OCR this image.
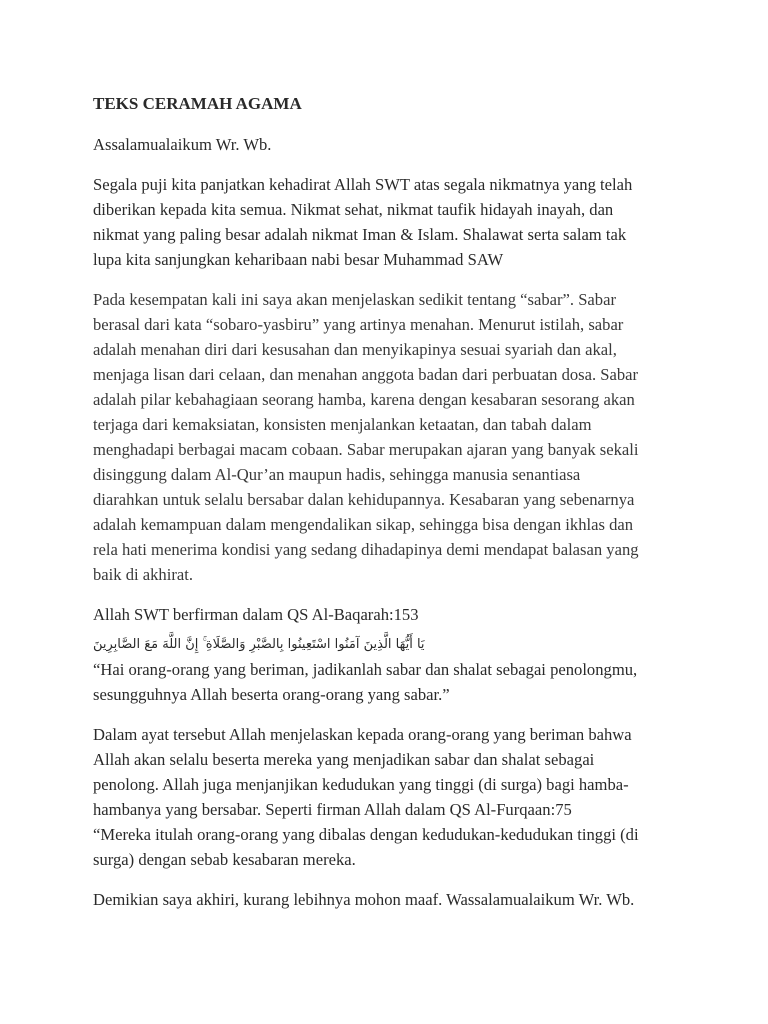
TEKS CERAMAH AGAMA

Assalamualaikum Wr. Wb.

Segala puji kita panjatkan kehadirat Allah SWT atas segala nikmatnya yang telah
diberikan kepada kita semua. Nikmat sehat, nikmat taufik hidayah inayah, dan
nikmat yang paling besar adalah nikmat Iman & Islam. Shalawat serta salam tak
lupa kita sanjungkan keharibaan nabi besar Muhammad SAW

Pada kesempatan kali ini saya akan menjelaskan sedikit tentang “sabar”. Sabar
berasal dari kata “sobaro-yasbiru” yang artinya menahan. Menurut istilah, sabar
adalah menahan diri dari kesusahan dan menyikapinya sesuai syariah dan akal,
menjaga lisan dari celaan, dan menahan anggota badan dari perbuatan dosa. Sabar
adalah pilar kebahagiaan seorang hamba, karena dengan kesabaran sesorang akan
terjaga dari kemaksiatan, konsisten menjalankan ketaatan, dan tabah dalam
menghadapi berbagai macam cobaan. Sabar merupakan ajaran yang banyak sekali
disinggung dalam Al-Qur’an maupun hadis, sehingga manusia senantiasa
diarahkan untuk selalu bersabar dalan kehidupannya. Kesabaran yang sebenarnya
adalah kemampuan dalam mengendalikan sikap, sehingga bisa dengan ikhlas dan
rela hati menerima kondisi yang sedang dihadapinya demi mendapat balasan yang
baik di akhirat.

Allah SWT berfirman dalam QS Al-Baqarah:153

يَا أَيُّهَا الَّذِينَ آمَنُوا اسْتَعِينُوا بِالصَّبْرِ وَالصَّلَاةِ ۚ إِنَّ اللَّهَ مَعَ الصَّابِرِينَ

“Hai orang-orang yang beriman, jadikanlah sabar dan shalat sebagai penolongmu,
sesungguhnya Allah beserta orang-orang yang sabar.”

Dalam ayat tersebut Allah menjelaskan kepada orang-orang yang beriman bahwa
Allah akan selalu beserta mereka yang menjadikan sabar dan shalat sebagai
penolong. Allah juga menjanjikan kedudukan yang tinggi (di surga) bagi hamba-
hambanya yang bersabar. Seperti firman Allah dalam QS Al-Furqaan:75
“Mereka itulah orang-orang yang dibalas dengan kedudukan-kedudukan tinggi (di
surga) dengan sebab kesabaran mereka.

Demikian saya akhiri, kurang lebihnya mohon maaf. Wassalamualaikum Wr. Wb.
